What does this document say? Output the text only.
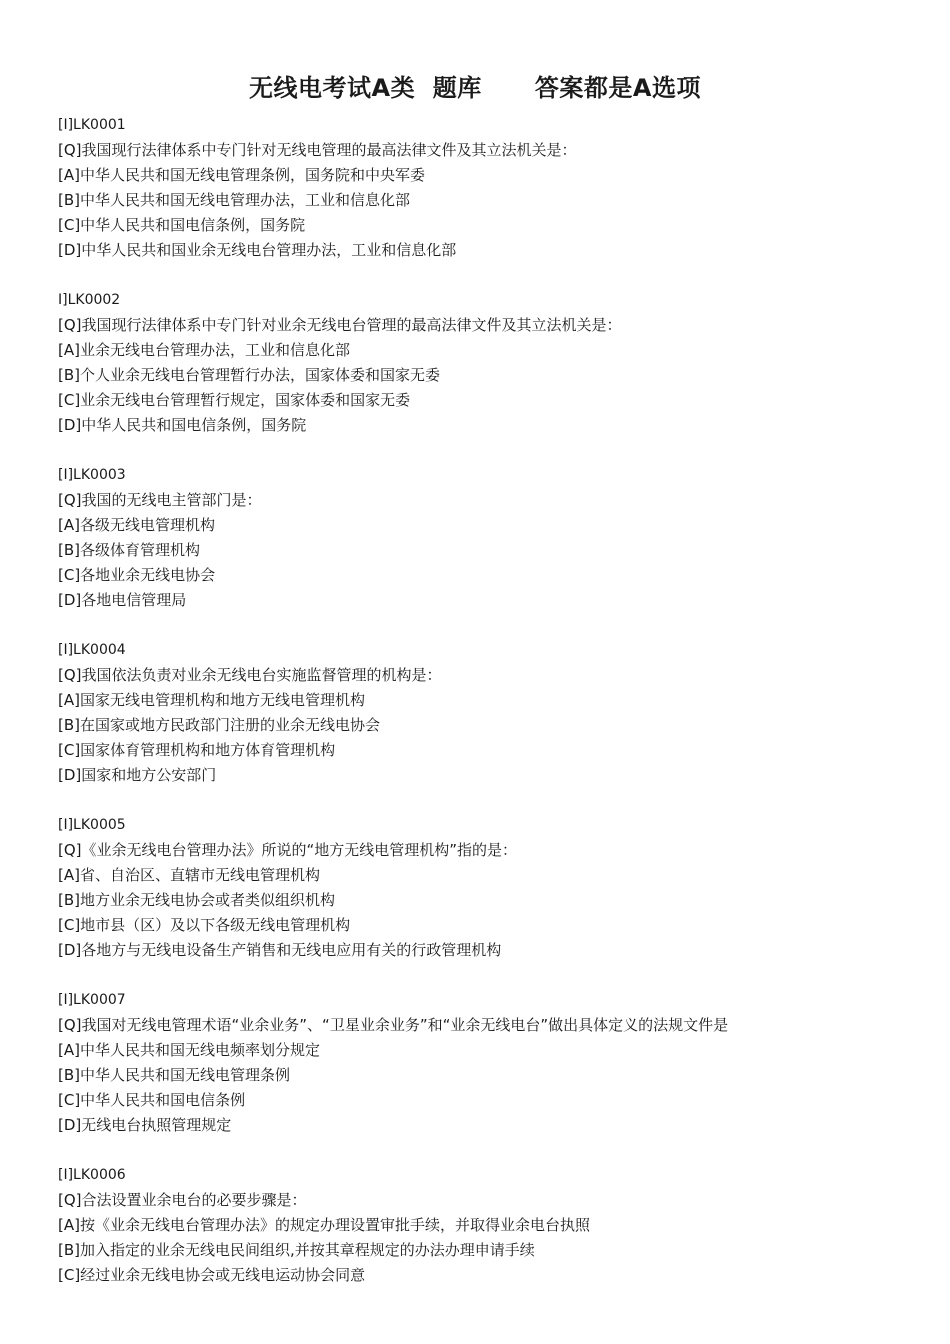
无线电考试A类  题库      答案都是A选项
[I]LK0001
[Q]我国现行法律体系中专门针对无线电管理的最高法律文件及其立法机关是：
[A]中华人民共和国无线电管理条例，国务院和中央军委
[B]中华人民共和国无线电管理办法，工业和信息化部
[C]中华人民共和国电信条例，国务院
[D]中华人民共和国业余无线电台管理办法，工业和信息化部
I]LK0002
[Q]我国现行法律体系中专门针对业余无线电台管理的最高法律文件及其立法机关是：
[A]业余无线电台管理办法，工业和信息化部
[B]个人业余无线电台管理暂行办法，国家体委和国家无委
[C]业余无线电台管理暂行规定，国家体委和国家无委
[D]中华人民共和国电信条例，国务院
[I]LK0003
[Q]我国的无线电主管部门是：
[A]各级无线电管理机构
[B]各级体育管理机构
[C]各地业余无线电协会
[D]各地电信管理局
[I]LK0004
[Q]我国依法负责对业余无线电台实施监督管理的机构是：
[A]国家无线电管理机构和地方无线电管理机构
[B]在国家或地方民政部门注册的业余无线电协会
[C]国家体育管理机构和地方体育管理机构
[D]国家和地方公安部门
[I]LK0005
[Q]《业余无线电台管理办法》所说的“地方无线电管理机构”指的是：
[A]省、自治区、直辖市无线电管理机构
[B]地方业余无线电协会或者类似组织机构
[C]地市县（区）及以下各级无线电管理机构
[D]各地方与无线电设备生产销售和无线电应用有关的行政管理机构
[I]LK0007
[Q]我国对无线电管理术语“业余业务”、“卫星业余业务”和“业余无线电台”做出具体定义的法规文件是
[A]中华人民共和国无线电频率划分规定
[B]中华人民共和国无线电管理条例
[C]中华人民共和国电信条例
[D]无线电台执照管理规定
[I]LK0006
[Q]合法设置业余电台的必要步骤是：
[A]按《业余无线电台管理办法》的规定办理设置审批手续，并取得业余电台执照
[B]加入指定的业余无线电民间组织,并按其章程规定的办法办理申请手续
[C]经过业余无线电协会或无线电运动协会同意
